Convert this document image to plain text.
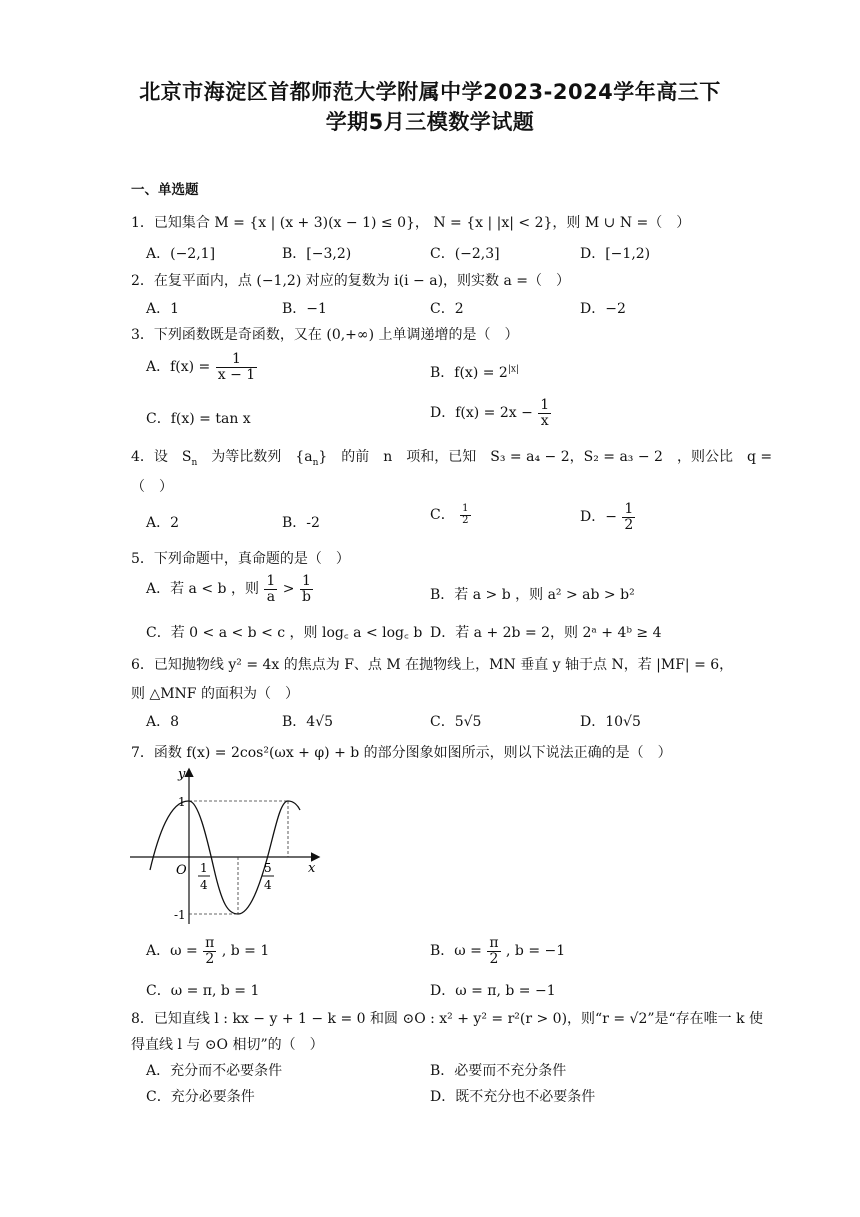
北京市海淀区首都师范大学附属中学2023-2024学年高三下
学期5月三模数学试题
一、单选题
1．已知集合 M = {x | (x + 3)(x − 1) ≤ 0}， N = {x | |x| < 2}，则 M ∪ N =（　）
A．(−2,1]	B．[−3,2)	C．(−2,3]	D．[−1,2)
2．在复平面内，点 (−1,2) 对应的复数为 i(i − a)，则实数 a =（　）
A．1	B．−1	C．2	D．−2
3．下列函数既是奇函数，又在 (0,+∞) 上单调递增的是（　）
A．$f(x) = \frac{1}{x - 1}$	B．$f(x) = 2^{|x|}$
C．f(x) = tan x	D．$f(x) = 2x - \frac{1}{x}$
4．设　$S_n$　为等比数列　$\{a_n\}$　的前　n　项和，已知　S₃ = a₄ − 2，S₂ = a₃ − 2　，则公比　q =
（　）
A．2	B．-2	C． $\frac{1}{2}$	D．− $\frac{1}{2}$
5．下列命题中，真命题的是（　）
A．若 a < b ，则 $\frac{1}{a} > \frac{1}{b}$	B．若 a > b ，则 a² > ab > b²
C．若 0 < a < b < c ，则 log꜀ a < log꜀ b D．若 a + 2b = 2，则 2ᵃ + 4ᵇ ≥ 4
6．已知抛物线 y² = 4x 的焦点为 F、点 M 在抛物线上，MN 垂直 y 轴于点 N，若 |MF| = 6，
则 △MNF 的面积为（　）
A．8	B．4√5	C．5√5	D．10√5
7．函数 f(x) = 2cos²(ωx + φ) + b 的部分图象如图所示，则以下说法正确的是（　）
y
x
O
1
-1
1
4
5
4
A．$\omega = \frac{\pi}{2}$ , b = 1	B．$\omega = \frac{\pi}{2}$ , b = −1
C．ω = π, b = 1	D．ω = π, b = −1
8．已知直线 l : kx − y + 1 − k = 0 和圆 ⊙O : x² + y² = r²(r > 0)，则“r = √2”是“存在唯一 k 使
得直线 l 与 ⊙O 相切”的（　）
A．充分而不必要条件	B．必要而不充分条件
C．充分必要条件	D．既不充分也不必要条件
